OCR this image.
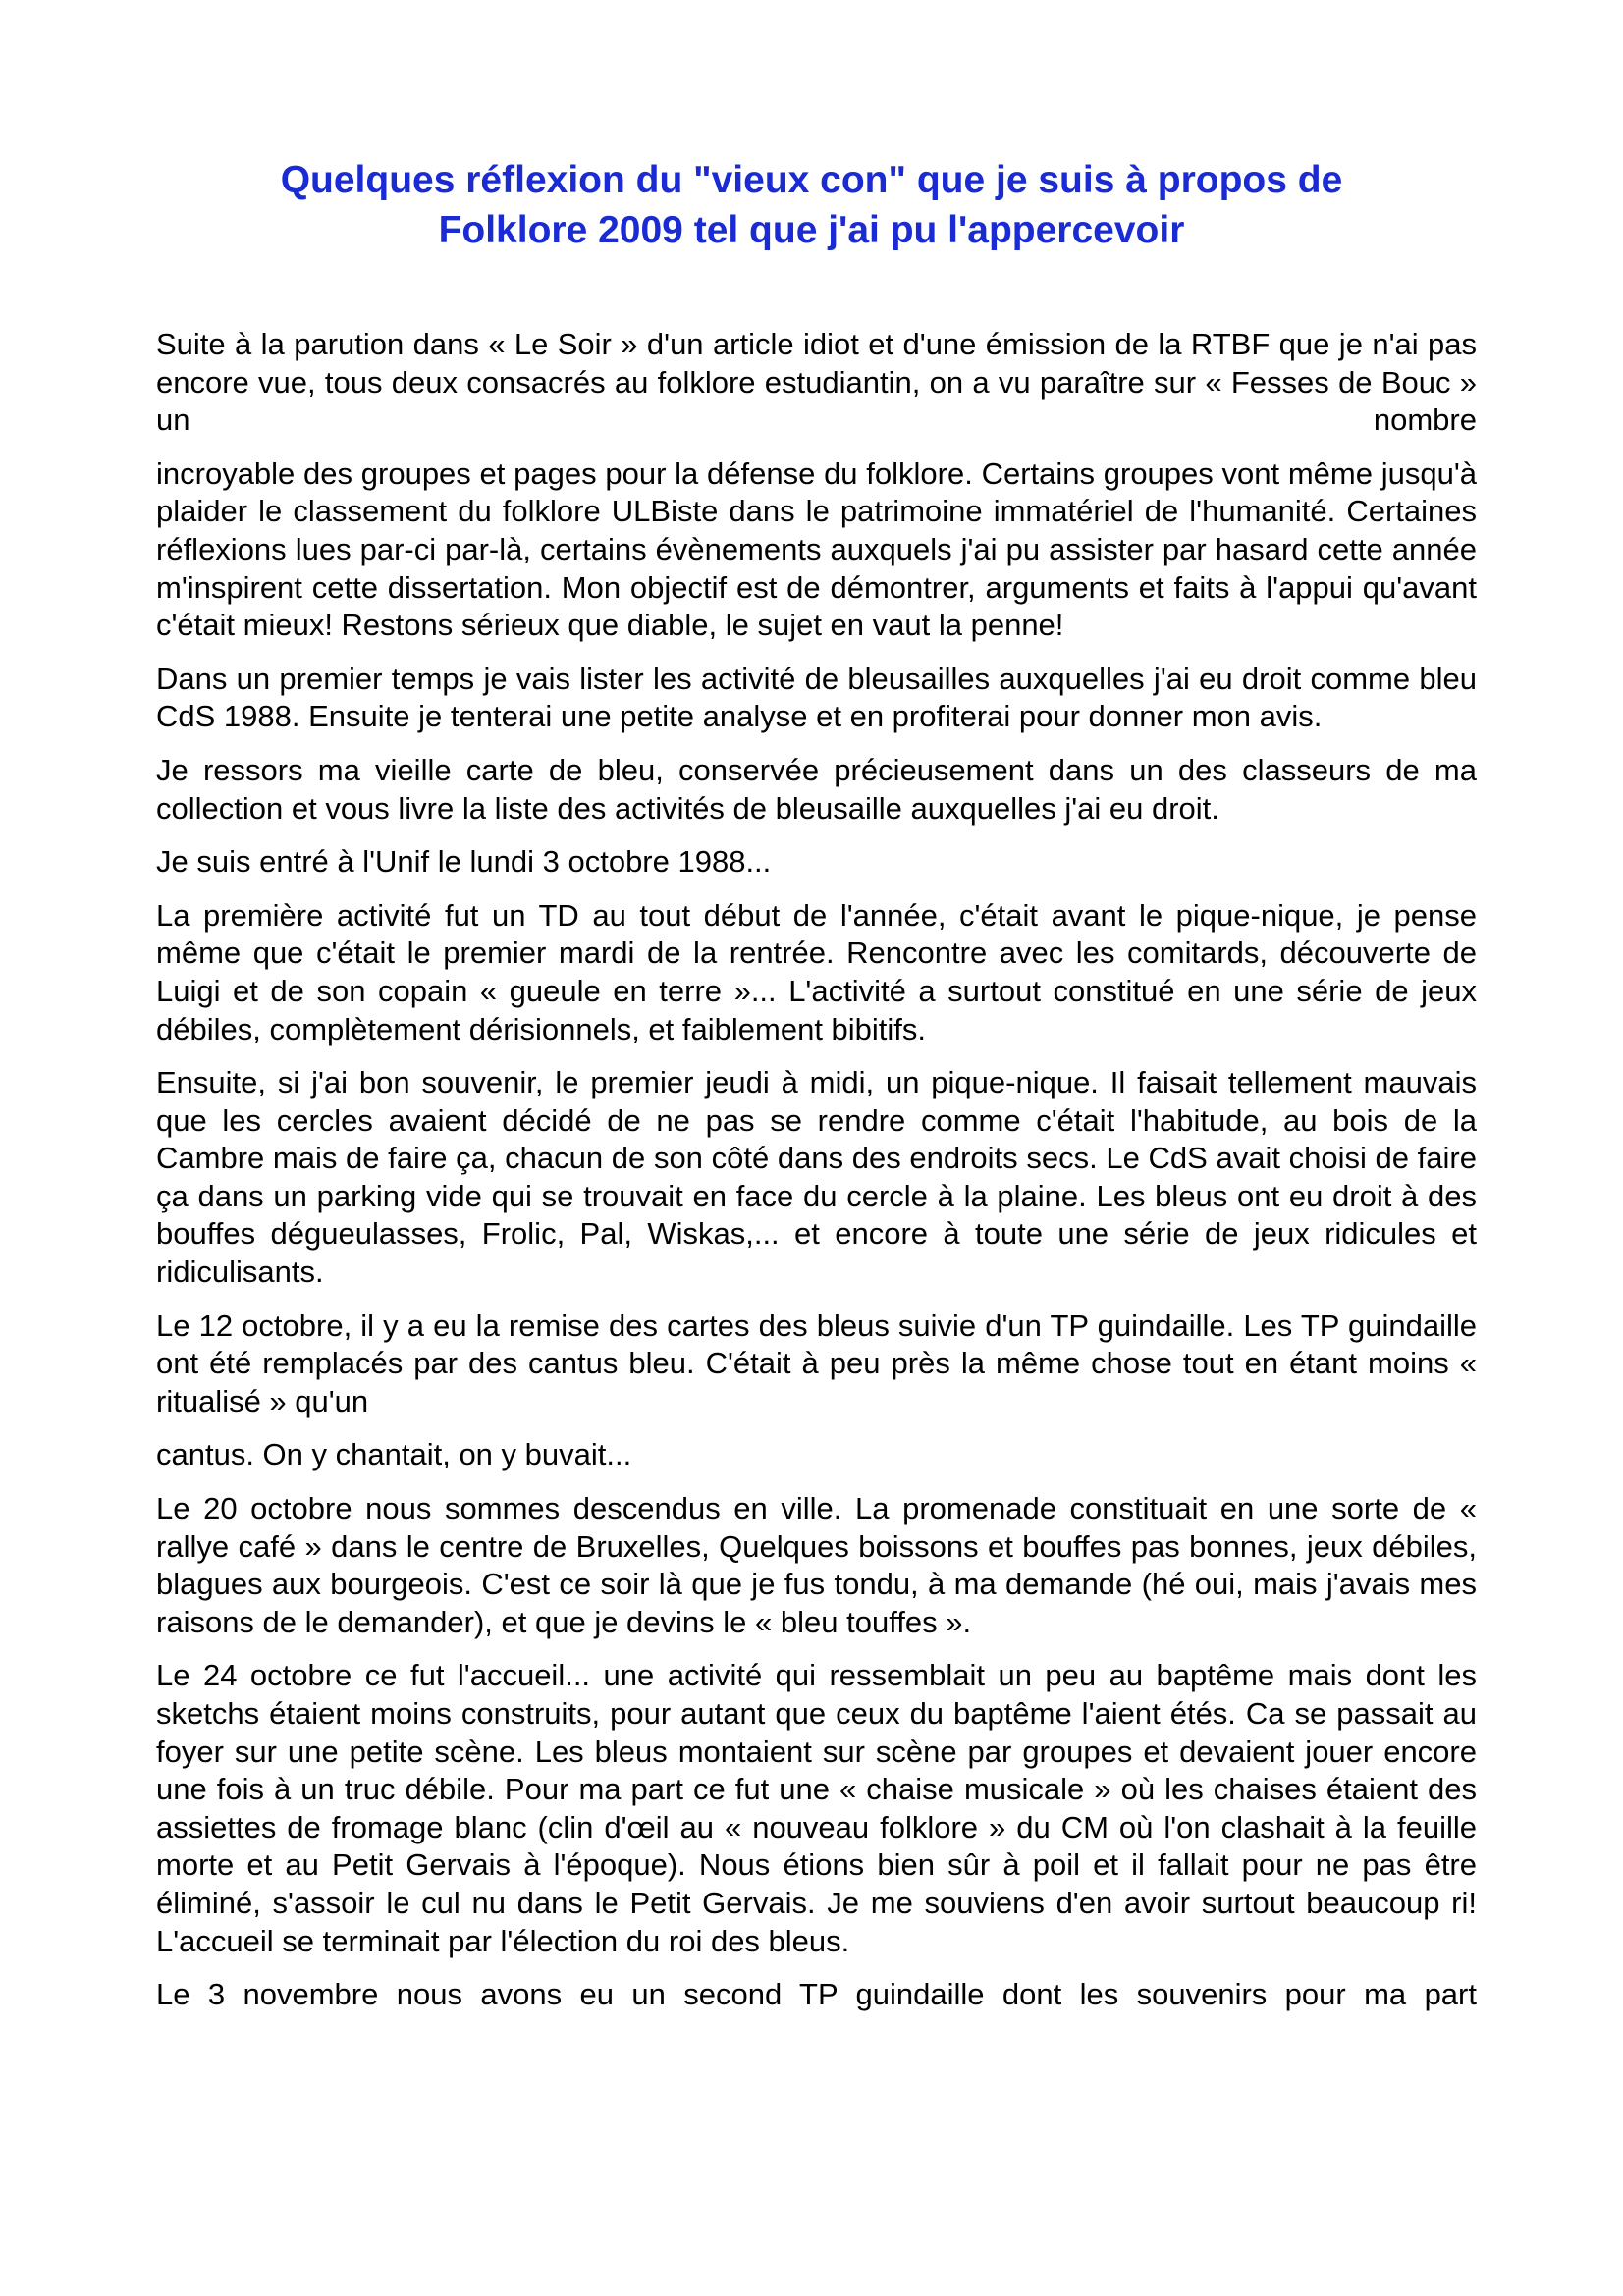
Quelques réflexion du "vieux con" que je suis à propos de
Folklore 2009 tel que j'ai pu l'appercevoir

Suite à la parution dans « Le Soir » d'un article idiot et d'une émission de la RTBF que je n'ai pas encore vue, tous deux consacrés au folklore estudiantin, on a vu paraître sur « Fesses de Bouc » un nombre

incroyable des groupes et pages pour la défense du folklore. Certains groupes vont même jusqu'à plaider le classement du folklore ULBiste dans le patrimoine immatériel de l'humanité. Certaines réflexions lues par-ci par-là, certains évènements auxquels j'ai pu assister par hasard cette année m'inspirent cette dissertation. Mon objectif est de démontrer, arguments et faits à l'appui qu'avant c'était mieux! Restons sérieux que diable, le sujet en vaut la penne!

Dans un premier temps je vais lister les activité de bleusailles auxquelles j'ai eu droit comme bleu CdS 1988. Ensuite je tenterai une petite analyse et en profiterai pour donner mon avis.

Je ressors ma vieille carte de bleu, conservée précieusement dans un des classeurs de ma collection et vous livre la liste des activités de bleusaille auxquelles j'ai eu droit.

Je suis entré à l'Unif le lundi 3 octobre 1988...

La première activité fut un TD au tout début de l'année, c'était avant le pique-nique, je pense même que c'était le premier mardi de la rentrée. Rencontre avec les comitards, découverte de Luigi et de son copain « gueule en terre »... L'activité a surtout constitué en une série de jeux débiles, complètement dérisionnels, et faiblement bibitifs.

Ensuite, si j'ai bon souvenir, le premier jeudi à midi, un pique-nique. Il faisait tellement mauvais que les cercles avaient décidé de ne pas se rendre comme c'était l'habitude, au bois de la Cambre mais de faire ça, chacun de son côté dans des endroits secs. Le CdS avait choisi de faire ça dans un parking vide qui se trouvait en face du cercle à la plaine. Les bleus ont eu droit à des bouffes dégueulasses, Frolic, Pal, Wiskas,... et encore à toute une série de jeux ridicules et ridiculisants.

Le 12 octobre, il y a eu la remise des cartes des bleus suivie d'un TP guindaille. Les TP guindaille ont été remplacés par des cantus bleu. C'était à peu près la même chose tout en étant moins « ritualisé » qu'un

cantus. On y chantait, on y buvait...

Le 20 octobre nous sommes descendus en ville. La promenade constituait en une sorte de « rallye café » dans le centre de Bruxelles, Quelques boissons et bouffes pas bonnes, jeux débiles, blagues aux bourgeois. C'est ce soir là que je fus tondu, à ma demande (hé oui, mais j'avais mes raisons de le demander), et que je devins le « bleu touffes ».

Le 24 octobre ce fut l'accueil... une activité qui ressemblait un peu au baptême mais dont les sketchs étaient moins construits, pour autant que ceux du baptême l'aient étés. Ca se passait au foyer sur une petite scène. Les bleus montaient sur scène par groupes et devaient jouer encore une fois à un truc débile. Pour ma part ce fut une « chaise musicale » où les chaises étaient des assiettes de fromage blanc (clin d'œil au « nouveau folklore » du CM où l'on clashait à la feuille morte et au Petit Gervais à l'époque). Nous étions bien sûr à poil et il fallait pour ne pas être éliminé, s'assoir le cul nu dans le Petit Gervais. Je me souviens d'en avoir surtout beaucoup ri! L'accueil se terminait par l'élection du roi des bleus.

Le 3 novembre nous avons eu un second TP guindaille dont les souvenirs pour ma part
